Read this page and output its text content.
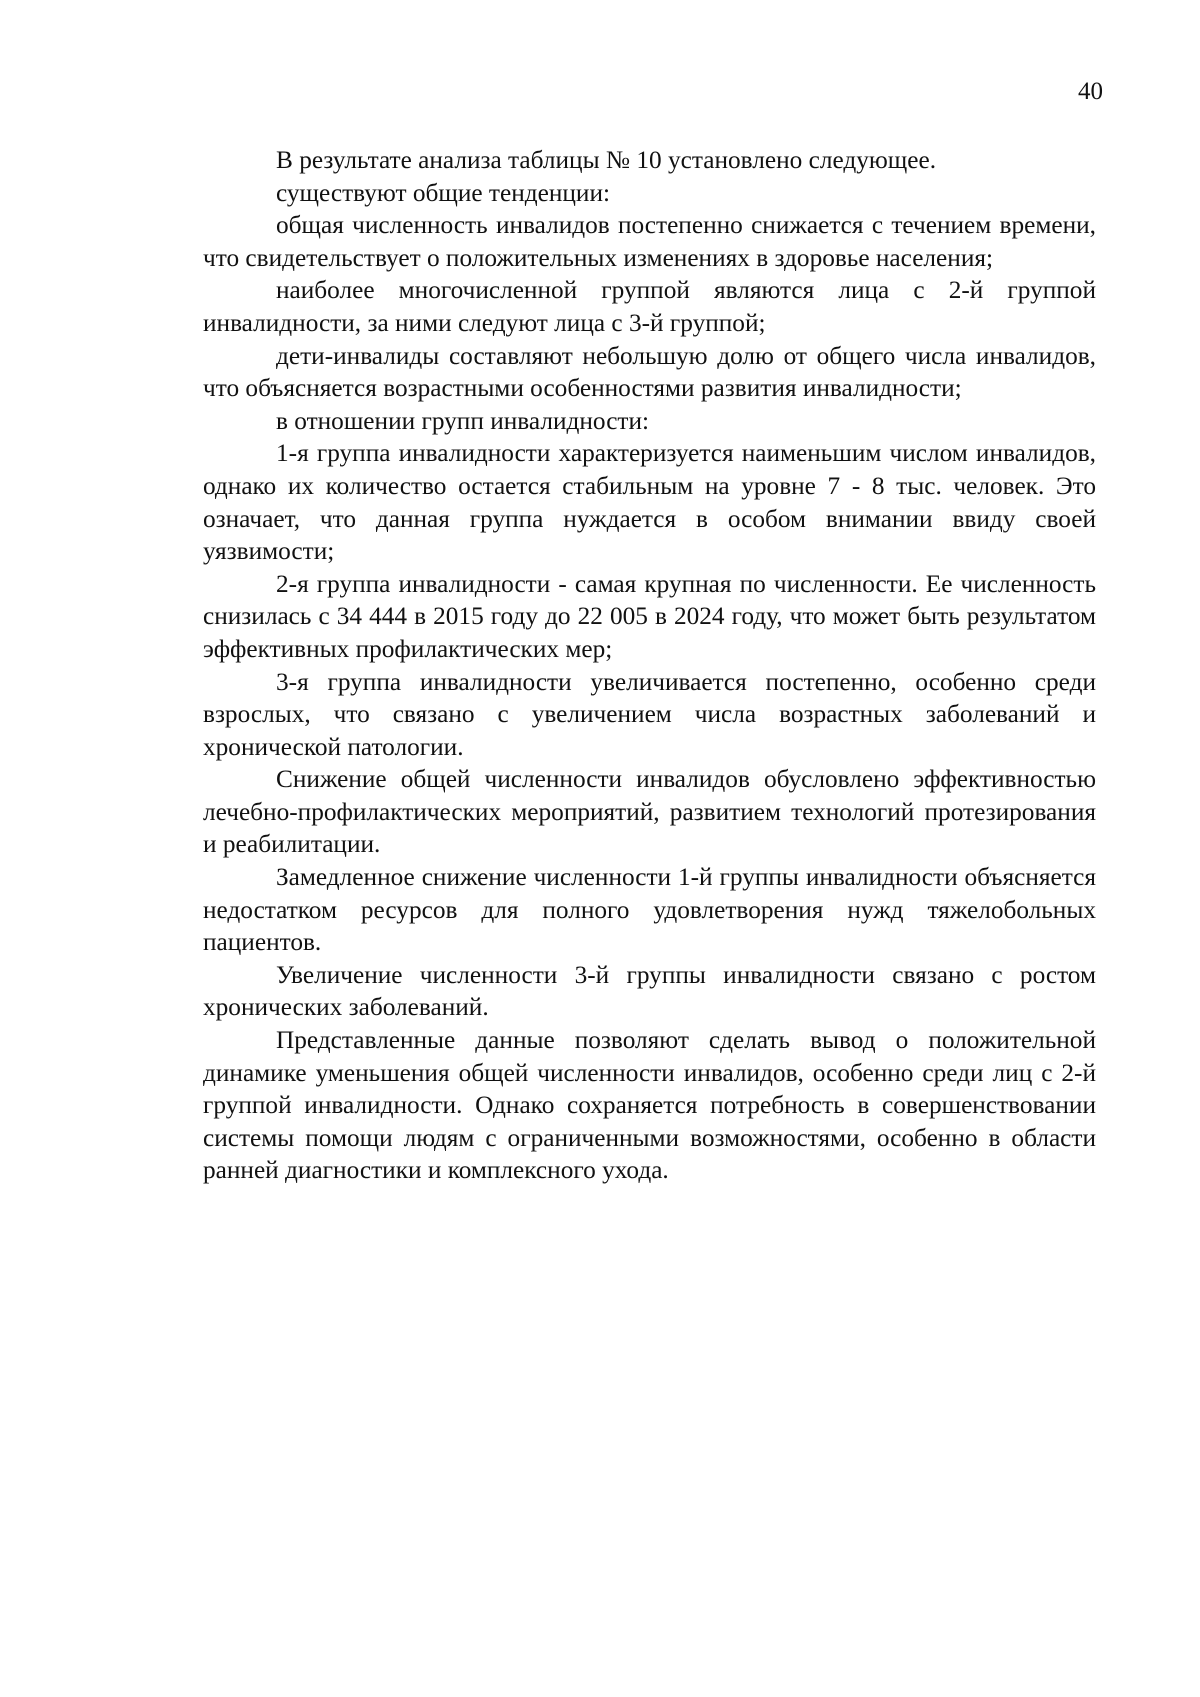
40

В результате анализа таблицы № 10 установлено следующее.

существуют общие тенденции:

общая численность инвалидов постепенно снижается с течением времени, что свидетельствует о положительных изменениях в здоровье населения;

наиболее многочисленной группой являются лица с 2-й группой инвалидности, за ними следуют лица с 3-й группой;

дети-инвалиды составляют небольшую долю от общего числа инвалидов, что объясняется возрастными особенностями развития инвалидности;

в отношении групп инвалидности:

1-я группа инвалидности характеризуется наименьшим числом инвалидов, однако их количество остается стабильным на уровне 7 - 8 тыс. человек. Это означает, что данная группа нуждается в особом внимании ввиду своей уязвимости;

2-я группа инвалидности - самая крупная по численности. Ее численность снизилась с 34 444 в 2015 году до 22 005 в 2024 году, что может быть результатом эффективных профилактических мер;

3-я группа инвалидности увеличивается постепенно, особенно среди взрослых, что связано с увеличением числа возрастных заболеваний и хронической патологии.

Снижение общей численности инвалидов обусловлено эффективностью лечебно-профилактических мероприятий, развитием технологий протезирования и реабилитации.

Замедленное снижение численности 1-й группы инвалидности объясняется недостатком ресурсов для полного удовлетворения нужд тяжелобольных пациентов.

Увеличение численности 3-й группы инвалидности связано с ростом хронических заболеваний.

Представленные данные позволяют сделать вывод о положительной динамике уменьшения общей численности инвалидов, особенно среди лиц с 2-й группой инвалидности. Однако сохраняется потребность в совершенствовании системы помощи людям с ограниченными возможностями, особенно в области ранней диагностики и комплексного ухода.
